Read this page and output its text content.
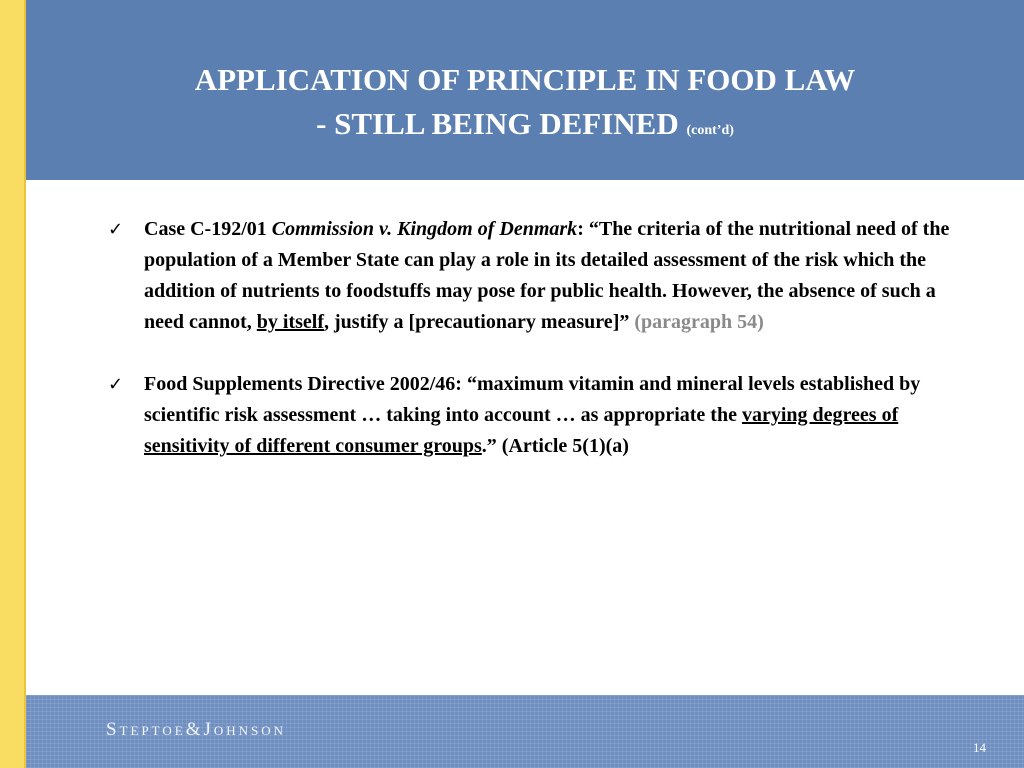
APPLICATION OF PRINCIPLE IN FOOD LAW
- STILL BEING DEFINED (cont’d)
✓ Case C-192/01 Commission v. Kingdom of Denmark: “The criteria of the nutritional need of the population of a Member State can play a role in its detailed assessment of the risk which the addition of nutrients to foodstuffs may pose for public health. However, the absence of such a need cannot, by itself, justify a [precautionary measure]” (paragraph 54)
✓ Food Supplements Directive 2002/46: “maximum vitamin and mineral levels established by scientific risk assessment … taking into account … as appropriate the varying degrees of sensitivity of different consumer groups.” (Article 5(1)(a)
Steptoe&Johnson
14
